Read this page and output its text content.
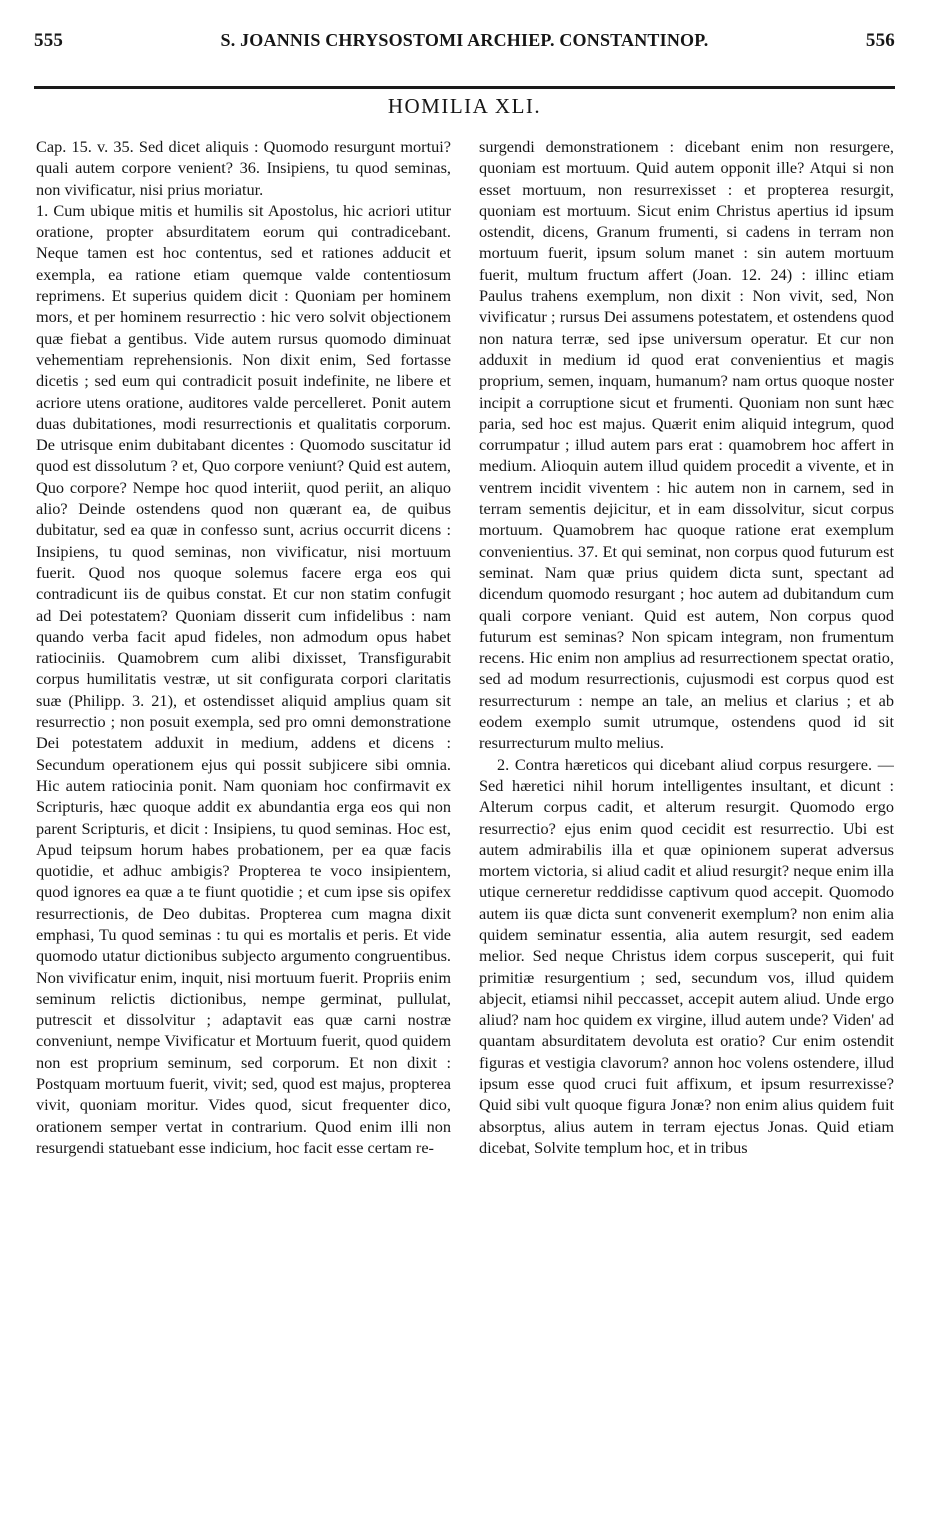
555	S. JOANNIS CHRYSOSTOMI ARCHIEP. CONSTANTINOP.	556
HOMILIA XLI.

Cap. 15. v. 35. Sed dicet aliquis : Quomodo resurgunt mortui? quali autem corpore venient? 36. Insipiens, tu quod seminas, non vivificatur, nisi prius moriatur.

1. Cum ubique mitis et humilis sit Apostolus, hic acriori utitur oratione, propter absurditatem eorum qui contradicebant. Neque tamen est hoc contentus, sed et rationes adducit et exempla, ea ratione etiam quemque valde contentiosum reprimens. Et superius quidem dicit : Quoniam per hominem mors, et per hominem resurrectio : hic vero solvit objectionem quæ fiebat a gentibus. Vide autem rursus quomodo diminuat vehementiam reprehensionis. Non dixit enim, Sed fortasse dicetis ; sed eum qui contradicit posuit indefinite, ne libere et acriore utens oratione, auditores valde percelleret. Ponit autem duas dubitationes, modi resurrectionis et qualitatis corporum. De utrisque enim dubitabant dicentes : Quomodo suscitatur id quod est dissolutum ? et, Quo corpore veniunt? Quid est autem, Quo corpore? Nempe hoc quod interiit, quod periit, an aliquo alio? Deinde ostendens quod non quærant ea, de quibus dubitatur, sed ea quæ in confesso sunt, acrius occurrit dicens : Insipiens, tu quod seminas, non vivificatur, nisi mortuum fuerit. Quod nos quoque solemus facere erga eos qui contradicunt iis de quibus constat. Et cur non statim confugit ad Dei potestatem? Quoniam disserit cum infidelibus : nam quando verba facit apud fideles, non admodum opus habet ratiociniis. Quamobrem cum alibi dixisset, Transfigurabit corpus humilitatis vestræ, ut sit configurata corpori claritatis suæ (Philipp. 3. 21), et ostendisset aliquid amplius quam sit resurrectio ; non posuit exempla, sed pro omni demonstratione Dei potestatem adduxit in medium, addens et dicens : Secundum operationem ejus qui possit subjicere sibi omnia. Hic autem ratiocinia ponit. Nam quoniam hoc confirmavit ex Scripturis, hæc quoque addit ex abundantia erga eos qui non parent Scripturis, et dicit : Insipiens, tu quod seminas. Hoc est, Apud teipsum horum habes probationem, per ea quæ facis quotidie, et adhuc ambigis? Propterea te voco insipientem, quod ignores ea quæ a te fiunt quotidie ; et cum ipse sis opifex resurrectionis, de Deo dubitas. Propterea cum magna dixit emphasi, Tu quod seminas : tu qui es mortalis et peris. Et vide quomodo utatur dictionibus subjecto argumento congruentibus. Non vivificatur enim, inquit, nisi mortuum fuerit. Propriis enim seminum relictis dictionibus, nempe germinat, pullulat, putrescit et dissolvitur ; adaptavit eas quæ carni nostræ conveniunt, nempe Vivificatur et Mortuum fuerit, quod quidem non est proprium seminum, sed corporum. Et non dixit : Postquam mortuum fuerit, vivit; sed, quod est majus, propterea vivit, quoniam moritur. Vides quod, sicut frequenter dico, orationem semper vertat in contrarium. Quod enim illi non resurgendi statuebant esse indicium, hoc facit esse certam re-

surgendi demonstrationem : dicebant enim non resurgere, quoniam est mortuum. Quid autem opponit ille? Atqui si non esset mortuum, non resurrexisset : et propterea resurgit, quoniam est mortuum. Sicut enim Christus apertius id ipsum ostendit, dicens, Granum frumenti, si cadens in terram non mortuum fuerit, ipsum solum manet : sin autem mortuum fuerit, multum fructum affert (Joan. 12. 24) : illinc etiam Paulus trahens exemplum, non dixit : Non vivit, sed, Non vivificatur ; rursus Dei assumens potestatem, et ostendens quod non natura terræ, sed ipse universum operatur. Et cur non adduxit in medium id quod erat convenientius et magis proprium, semen, inquam, humanum? nam ortus quoque noster incipit a corruptione sicut et frumenti. Quoniam non sunt hæc paria, sed hoc est majus. Quærit enim aliquid integrum, quod corrumpatur ; illud autem pars erat : quamobrem hoc affert in medium. Alioquin autem illud quidem procedit a vivente, et in ventrem incidit viventem : hic autem non in carnem, sed in terram sementis dejicitur, et in eam dissolvitur, sicut corpus mortuum. Quamobrem hac quoque ratione erat exemplum convenientius. 37. Et qui seminat, non corpus quod futurum est seminat. Nam quæ prius quidem dicta sunt, spectant ad dicendum quomodo resurgant ; hoc autem ad dubitandum cum quali corpore veniant. Quid est autem, Non corpus quod futurum est seminas? Non spicam integram, non frumentum recens. Hic enim non amplius ad resurrectionem spectat oratio, sed ad modum resurrectionis, cujusmodi est corpus quod est resurrecturum : nempe an tale, an melius et clarius ; et ab eodem exemplo sumit utrumque, ostendens quod id sit resurrecturum multo melius.

2. Contra hæreticos qui dicebant aliud corpus resurgere. — Sed hæretici nihil horum intelligentes insultant, et dicunt : Alterum corpus cadit, et alterum resurgit. Quomodo ergo resurrectio? ejus enim quod cecidit est resurrectio. Ubi est autem admirabilis illa et quæ opinionem superat adversus mortem victoria, si aliud cadit et aliud resurgit? neque enim illa utique cerneretur reddidisse captivum quod accepit. Quomodo autem iis quæ dicta sunt convenerit exemplum? non enim alia quidem seminatur essentia, alia autem resurgit, sed eadem melior. Sed neque Christus idem corpus susceperit, qui fuit primitiæ resurgentium ; sed, secundum vos, illud quidem abjecit, etiamsi nihil peccasset, accepit autem aliud. Unde ergo aliud? nam hoc quidem ex virgine, illud autem unde? Viden' ad quantam absurditatem devoluta est oratio? Cur enim ostendit figuras et vestigia clavorum? annon hoc volens ostendere, illud ipsum esse quod cruci fuit affixum, et ipsum resurrexisse? Quid sibi vult quoque figura Jonæ? non enim alius quidem fuit absorptus, alius autem in terram ejectus Jonas. Quid etiam dicebat, Solvite templum hoc, et in tribus
